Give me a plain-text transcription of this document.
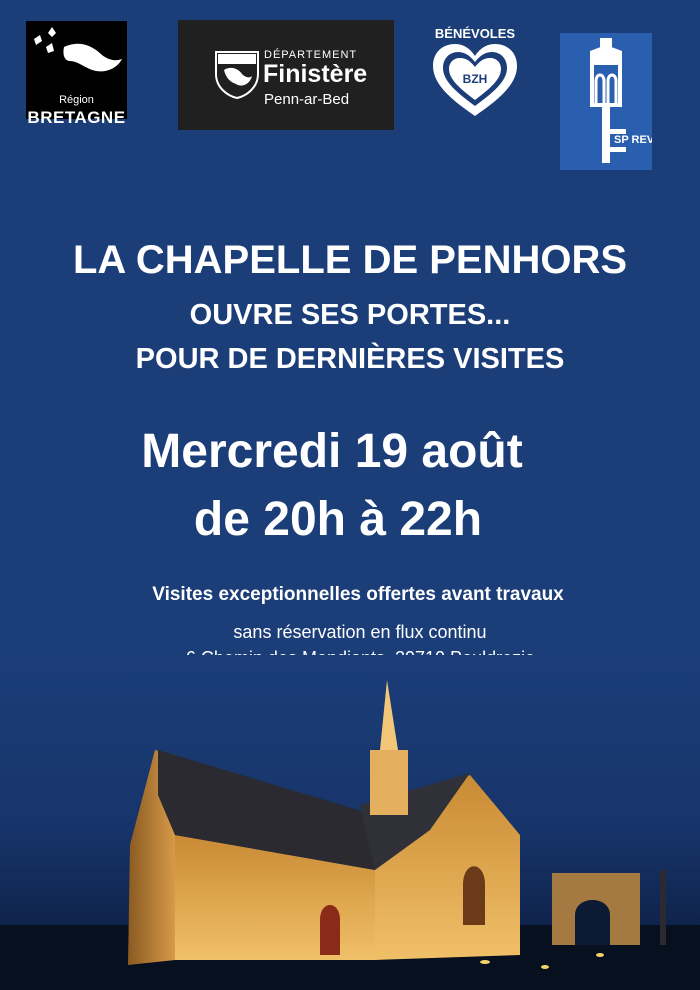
Région
BRETAGNE
DÉPARTEMENT
Finistère
Penn-ar-Bed
BÉNÉVOLES
BZH
SP REV
LA CHAPELLE DE PENHORS
OUVRE SES PORTES...
POUR DE DERNIÈRES VISITES
Mercredi 19 août
de 20h à 22h
Visites exceptionnelles offertes avant travaux
sans réservation en flux continu
